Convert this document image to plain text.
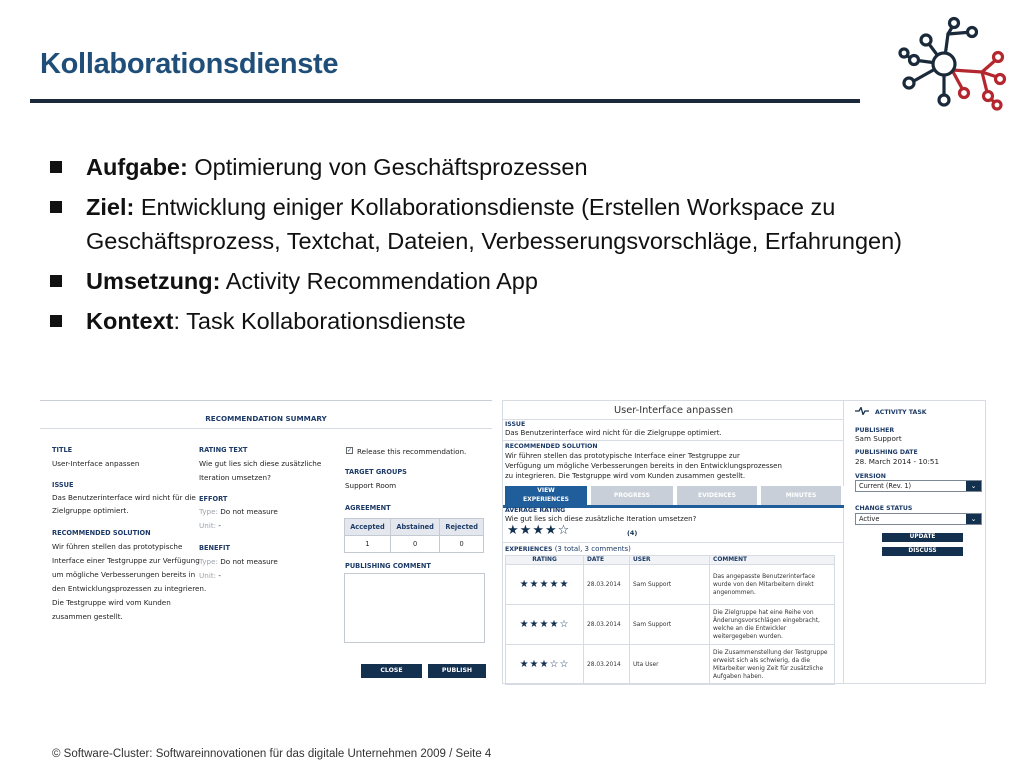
Kollaborationsdienste
Aufgabe: Optimierung von Geschäftsprozessen
Ziel: Entwicklung einiger Kollaborationsdienste (Erstellen Workspace zu Geschäftsprozess, Textchat, Dateien, Verbesserungsvorschläge, Erfahrungen)
Umsetzung: Activity Recommendation App
Kontext: Task Kollaborationsdienste
RECOMMENDATION SUMMARY
TITLE
User-Interface anpassen
ISSUE
Das Benutzerinterface wird nicht für die
Zielgruppe optimiert.
RECOMMENDED SOLUTION
Wir führen stellen das prototypische
Interface einer Testgruppe zur Verfügung
um mögliche Verbesserungen bereits in
den Entwicklungsprozessen zu integrieren.
Die Testgruppe wird vom Kunden
zusammen gestellt.
RATING TEXT
Wie gut lies sich diese zusätzliche
Iteration umsetzen?
EFFORT
Type: Do not measure
Unit: -
BENEFIT
Type: Do not measure
Unit: -
✓ Release this recommendation.
TARGET GROUPS
Support Room
AGREEMENT
Accepted	Abstained	Rejected
1	0	0
PUBLISHING COMMENT
CLOSE	PUBLISH
User-Interface anpassen
ISSUE
Das Benutzerinterface wird nicht für die Zielgruppe optimiert.
RECOMMENDED SOLUTION
Wir führen stellen das prototypische Interface einer Testgruppe zur
Verfügung um mögliche Verbesserungen bereits in den Entwicklungsprozessen
zu integrieren. Die Testgruppe wird vom Kunden zusammen gestellt.
VIEW
EXPERIENCES	PROGRESS	EVIDENCES	MINUTES
AVERAGE RATING
Wie gut lies sich diese zusätzliche Iteration umsetzen?
★★★★☆	(4)
EXPERIENCES (3 total, 3 comments)
RATING	DATE	USER	COMMENT
★★★★★	28.03.2014	Sam Support	Das angepasste Benutzerinterface wurde von den Mitarbeitern direkt angenommen.
★★★★☆	28.03.2014	Sam Support	Die Zielgruppe hat eine Reihe von Änderungsvorschlägen eingebracht, welche an die Entwickler weitergegeben wurden.
★★★☆☆	28.03.2014	Uta User	Die Zusammenstellung der Testgruppe erweist sich als schwierig, da die Mitarbeiter wenig Zeit für zusätzliche Aufgaben haben.
ACTIVITY TASK
PUBLISHER
Sam Support
PUBLISHING DATE
28. March 2014 - 10:51
VERSION
Current (Rev. 1)	⌄
CHANGE STATUS
Active	⌄
UPDATE
DISCUSS
© Software-Cluster: Softwareinnovationen für das digitale Unternehmen 2009 / Seite 4
